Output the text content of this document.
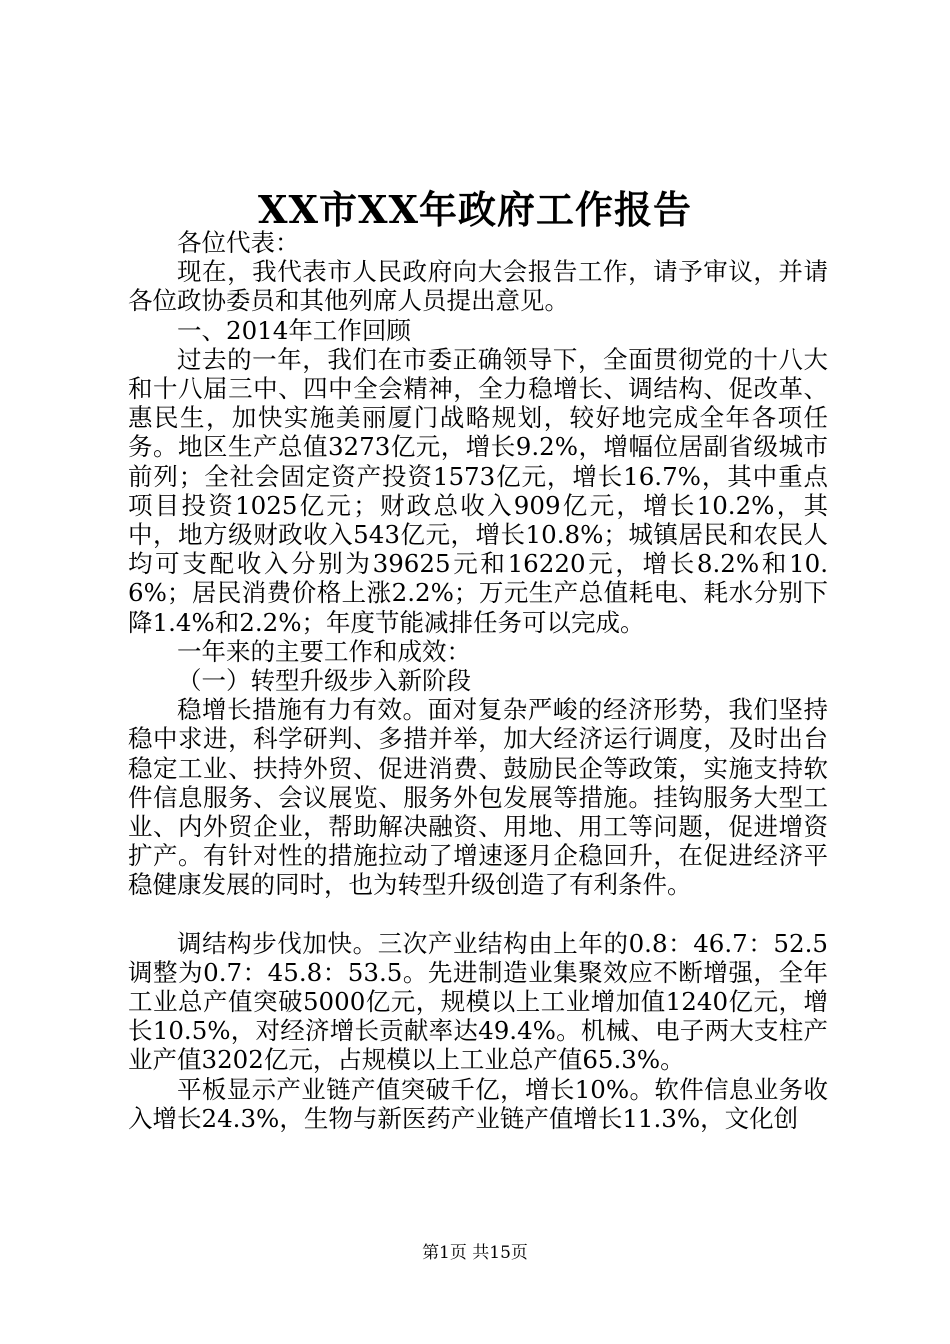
XX市XX年政府工作报告

各位代表：

现在，我代表市人民政府向大会报告工作，请予审议，并请各位政协委员和其他列席人员提出意见。

一、2014年工作回顾

过去的一年，我们在市委正确领导下，全面贯彻党的十八大和十八届三中、四中全会精神，全力稳增长、调结构、促改革、惠民生，加快实施美丽厦门战略规划，较好地完成全年各项任务。地区生产总值3273亿元，增长9.2%，增幅位居副省级城市前列；全社会固定资产投资1573亿元，增长16.7%，其中重点项目投资1025亿元；财政总收入909亿元，增长10.2%，其中，地方级财政收入543亿元，增长10.8%；城镇居民和农民人均可支配收入分别为39625元和16220元，增长8.2%和10.6%；居民消费价格上涨2.2%；万元生产总值耗电、耗水分别下降1.4%和2.2%；年度节能减排任务可以完成。

一年来的主要工作和成效：

（一）转型升级步入新阶段

稳增长措施有力有效。面对复杂严峻的经济形势，我们坚持稳中求进，科学研判、多措并举，加大经济运行调度，及时出台稳定工业、扶持外贸、促进消费、鼓励民企等政策，实施支持软件信息服务、会议展览、服务外包发展等措施。挂钩服务大型工业、内外贸企业，帮助解决融资、用地、用工等问题，促进增资扩产。有针对性的措施拉动了增速逐月企稳回升，在促进经济平稳健康发展的同时，也为转型升级创造了有利条件。

调结构步伐加快。三次产业结构由上年的0.8：46.7：52.5调整为0.7：45.8：53.5。先进制造业集聚效应不断增强，全年工业总产值突破5000亿元，规模以上工业增加值1240亿元，增长10.5%，对经济增长贡献率达49.4%。机械、电子两大支柱产业产值3202亿元，占规模以上工业总产值65.3%。

平板显示产业链产值突破千亿，增长10%。软件信息业务收入增长24.3%，生物与新医药产业链产值增长11.3%，文化创

第1页 共15页
